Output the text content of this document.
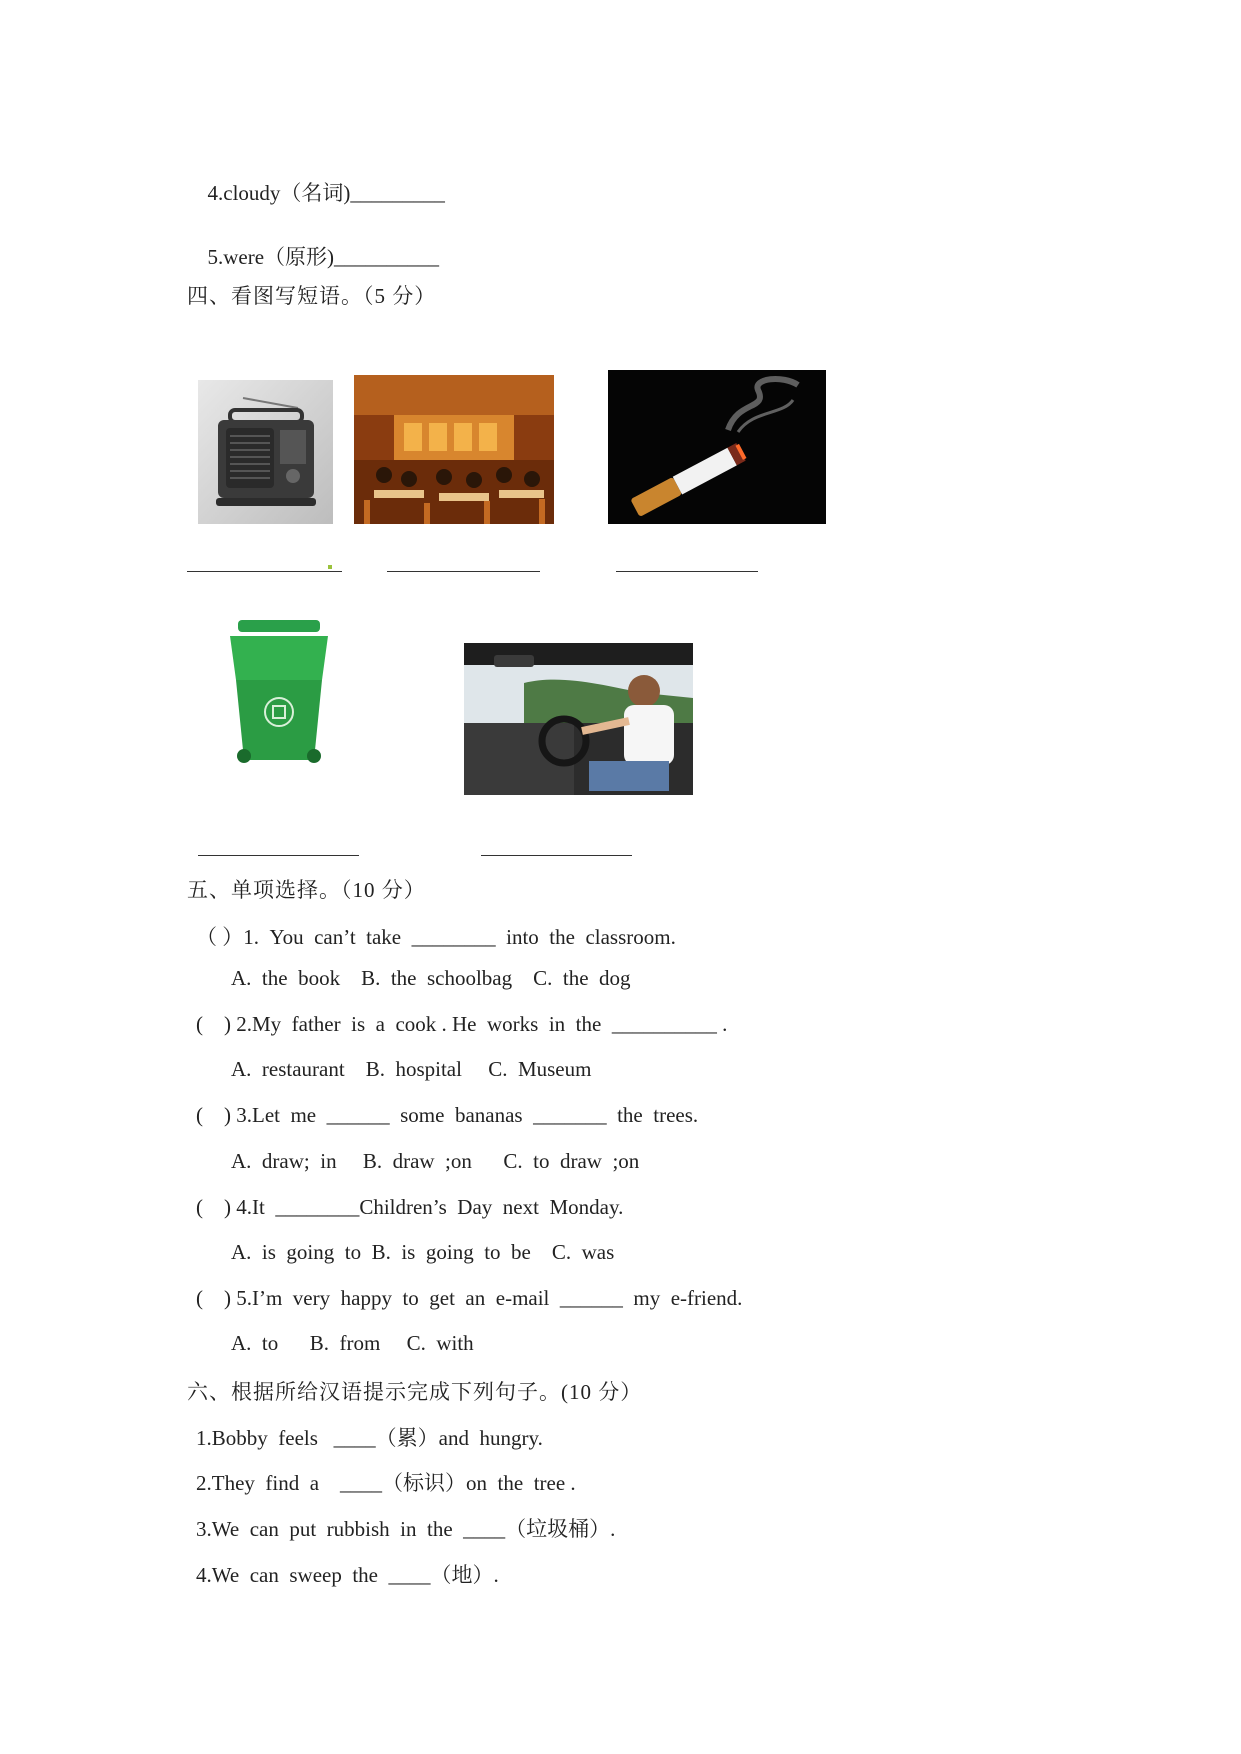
4.cloudy（名词)_________

5.were（原形)__________

四、看图写短语。（5 分）
五、单项选择。（10 分）
（ ）1.  You  can’t  take  ________  into  the  classroom.
A.  the  book    B.  the  schoolbag    C.  the  dog
(    ) 2.My  father  is  a  cook . He  works  in  the  __________ .
A.  restaurant    B.  hospital     C.  Museum
(    ) 3.Let  me  ______  some  bananas  _______  the  trees.
A.  draw;  in     B.  draw  ;on      C.  to  draw  ;on
(    ) 4.It  ________Children’s  Day  next  Monday.
A.  is  going  to  B.  is  going  to  be    C.  was
(    ) 5.I’m  very  happy  to  get  an  e-mail  ______  my  e-friend.
A.  to      B.  from     C.  with
六、根据所给汉语提示完成下列句子。(10 分）
1.Bobby  feels   ____（累）and  hungry.
2.They  find  a    ____（标识）on  the  tree .
3.We  can  put  rubbish  in  the  ____（垃圾桶）.
4.We  can  sweep  the  ____（地）.
